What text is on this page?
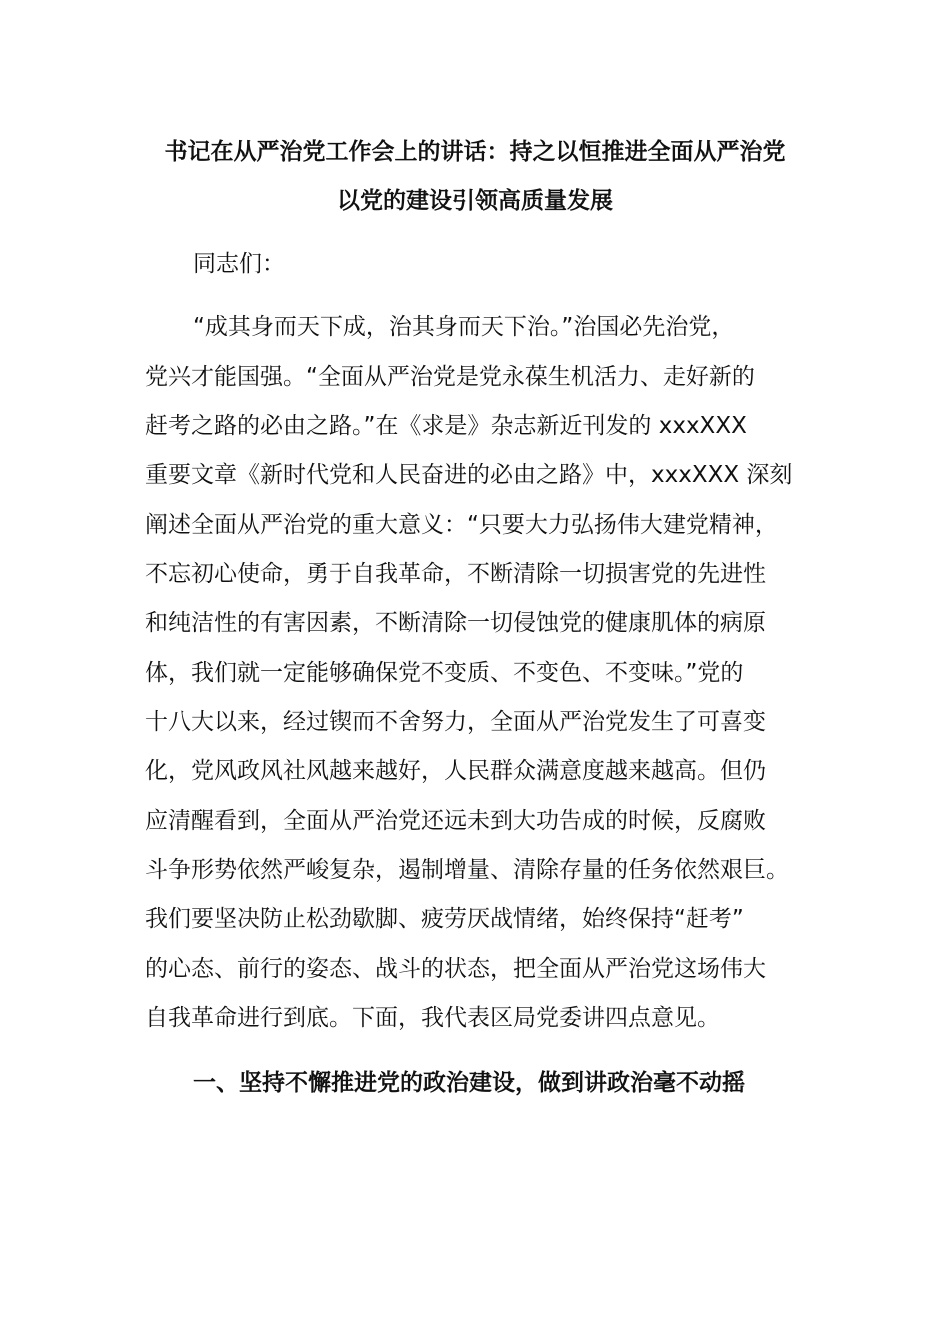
书记在从严治党工作会上的讲话：持之以恒推进全面从严治党
以党的建设引领高质量发展
同志们：
“成其身而天下成，治其身而天下治。”治国必先治党，
党兴才能国强。“全面从严治党是党永葆生机活力、走好新的
赶考之路的必由之路。”在《求是》杂志新近刊发的 xxxXXX
重要文章《新时代党和人民奋进的必由之路》中，xxxXXX 深刻
阐述全面从严治党的重大意义：“只要大力弘扬伟大建党精神，
不忘初心使命，勇于自我革命，不断清除一切损害党的先进性
和纯洁性的有害因素，不断清除一切侵蚀党的健康肌体的病原
体，我们就一定能够确保党不变质、不变色、不变味。”党的
十八大以来，经过锲而不舍努力，全面从严治党发生了可喜变
化，党风政风社风越来越好，人民群众满意度越来越高。但仍
应清醒看到，全面从严治党还远未到大功告成的时候，反腐败
斗争形势依然严峻复杂，遏制增量、清除存量的任务依然艰巨。
我们要坚决防止松劲歇脚、疲劳厌战情绪，始终保持“赶考”
的心态、前行的姿态、战斗的状态，把全面从严治党这场伟大
自我革命进行到底。下面，我代表区局党委讲四点意见。
一、坚持不懈推进党的政治建设，做到讲政治毫不动摇
